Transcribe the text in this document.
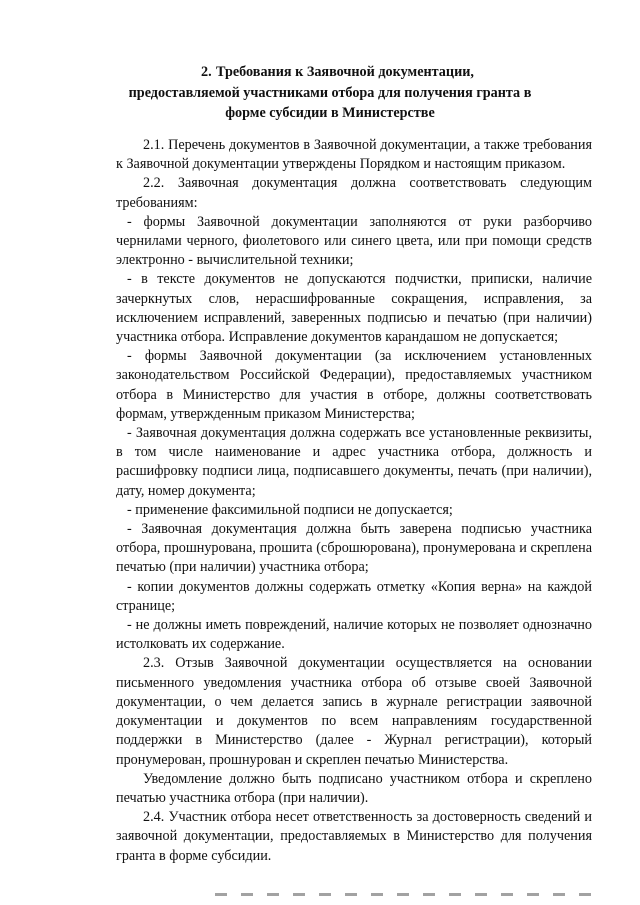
2. Требования к Заявочной документации,
предоставляемой участниками отбора для получения гранта в
форме субсидии в Министерстве

2.1. Перечень документов в Заявочной документации, а также требования к Заявочной документации утверждены Порядком и настоящим приказом.

2.2. Заявочная документация должна соответствовать следующим требованиям:

- формы Заявочной документации заполняются от руки разборчиво чернилами черного, фиолетового или синего цвета, или при помощи средств электронно - вычислительной техники;

- в тексте документов не допускаются подчистки, приписки, наличие зачеркнутых слов, нерасшифрованные сокращения, исправления, за исключением исправлений, заверенных подписью и печатью (при наличии) участника отбора. Исправление документов карандашом не допускается;

- формы Заявочной документации (за исключением установленных законодательством Российской Федерации), предоставляемых участником отбора в Министерство для участия в отборе, должны соответствовать формам, утвержденным приказом Министерства;

- Заявочная документация должна содержать все установленные реквизиты, в том числе наименование и адрес участника отбора, должность и расшифровку подписи лица, подписавшего документы, печать (при наличии), дату, номер документа;

- применение факсимильной подписи не допускается;

- Заявочная документация должна быть заверена подписью участника отбора, прошнурована, прошита (сброшюрована), пронумерована и скреплена печатью (при наличии) участника отбора;

- копии документов должны содержать отметку «Копия верна» на каждой странице;

- не должны иметь повреждений, наличие которых не позволяет однозначно истолковать их содержание.

2.3. Отзыв Заявочной документации осуществляется на основании письменного уведомления участника отбора об отзыве своей Заявочной документации, о чем делается запись в журнале регистрации заявочной документации и документов по всем направлениям государственной поддержки в Министерство (далее - Журнал регистрации), который пронумерован, прошнурован и скреплен печатью Министерства.

Уведомление должно быть подписано участником отбора и скреплено печатью участника отбора (при наличии).

2.4. Участник отбора несет ответственность за достоверность сведений и заявочной документации, предоставляемых в Министерство для получения гранта в форме субсидии.
